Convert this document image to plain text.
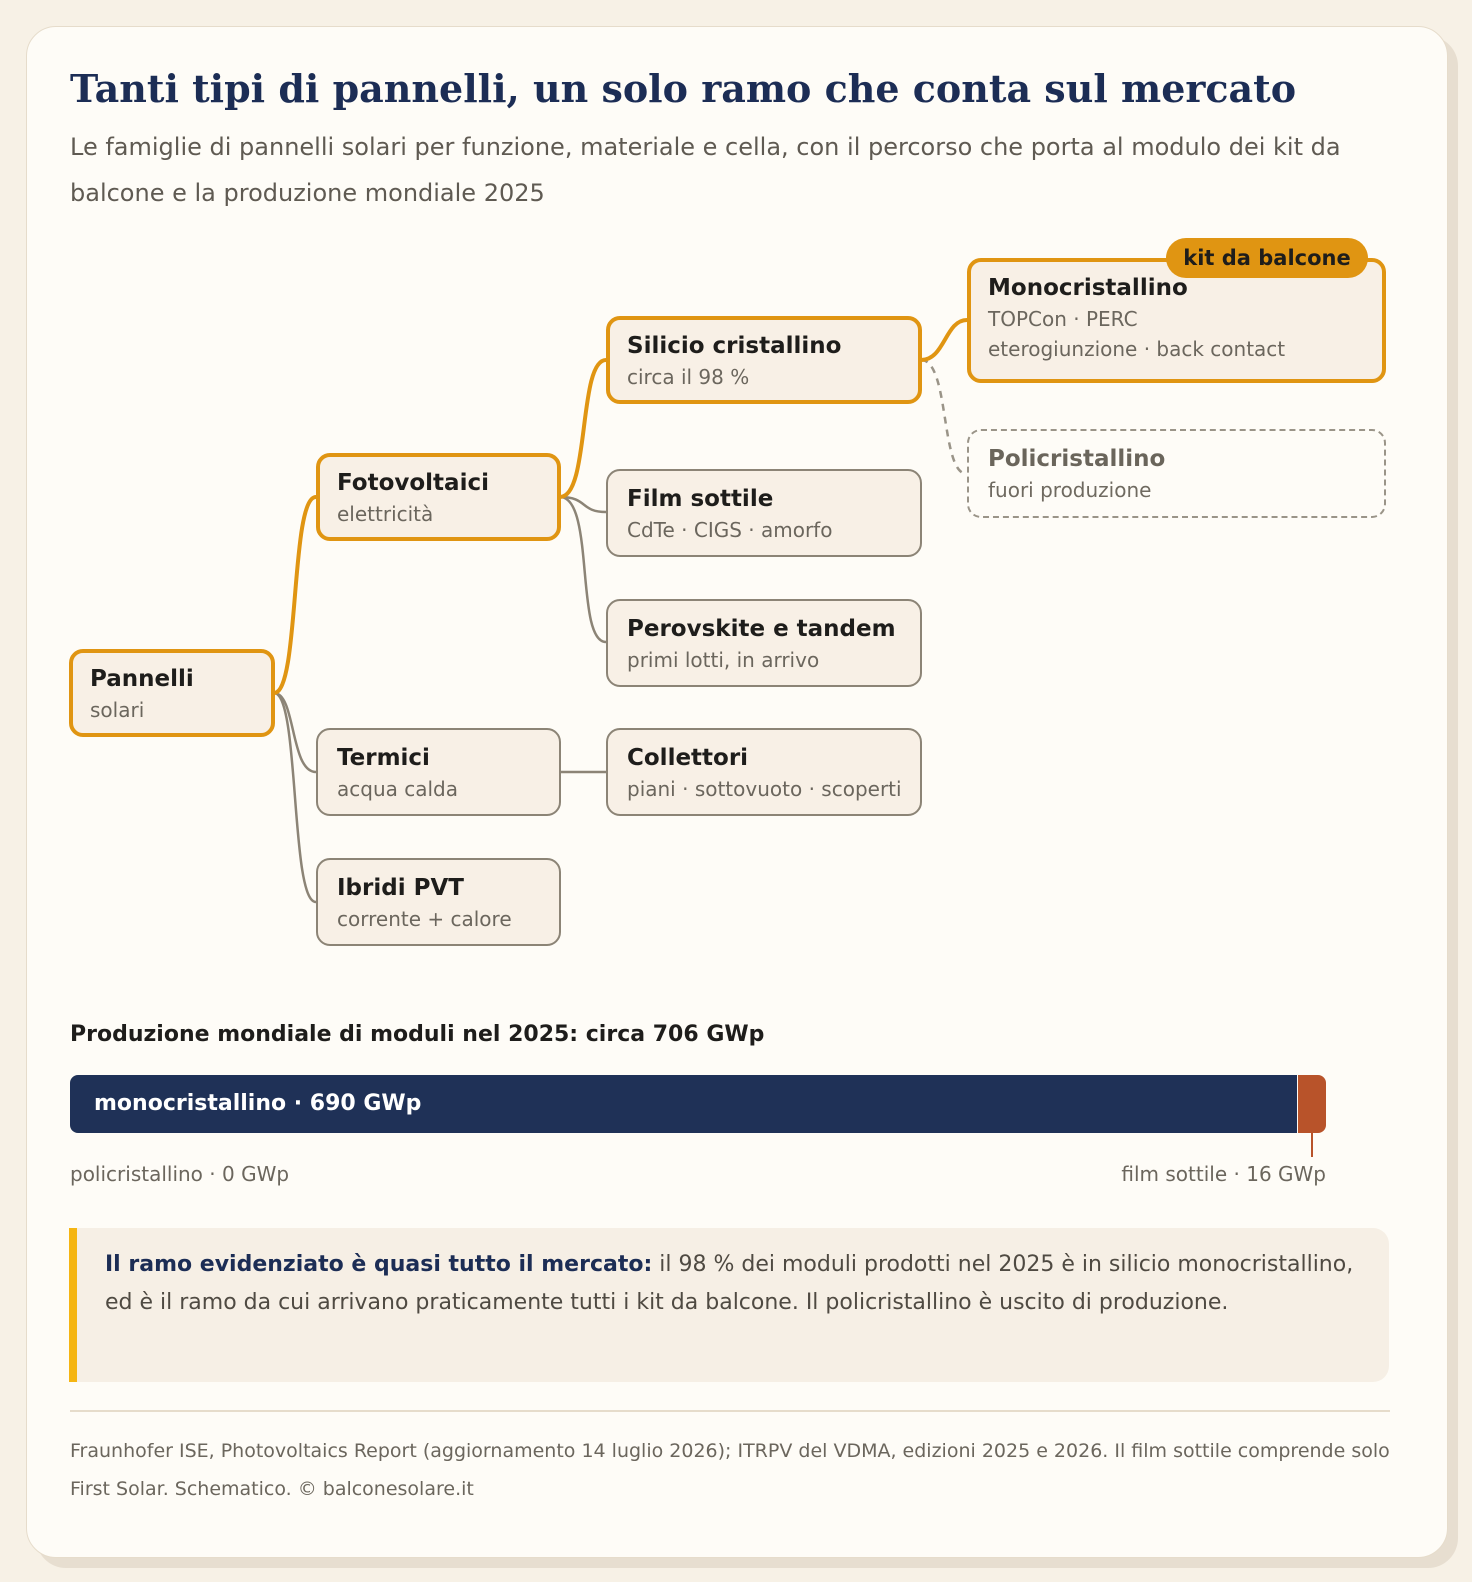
Tanti tipi di pannelli, un solo ramo che conta sul mercato

Le famiglie di pannelli solari per funzione, materiale e cella, con il percorso che porta al modulo dei kit da balcone e la produzione mondiale 2025

Pannelli
solari
Fotovoltaici
elettricità
Termici
acqua calda
Ibridi PVT
corrente + calore
Silicio cristallino
circa il 98 %
Film sottile
CdTe · CIGS · amorfo
Perovskite e tandem
primi lotti, in arrivo
Collettori
piani · sottovuoto · scoperti
Monocristallino
TOPCon · PERC
eterogiunzione · back contact
kit da balcone
Policristallino
fuori produzione
Produzione mondiale di moduli nel 2025: circa 706 GWp
monocristallino · 690 GWp
policristallino · 0 GWp	film sottile · 16 GWp
Il ramo evidenziato è quasi tutto il mercato: il 98 % dei moduli prodotti nel 2025 è in silicio monocristallino, ed è il ramo da cui arrivano praticamente tutti i kit da balcone. Il policristallino è uscito di produzione.

Fraunhofer ISE, Photovoltaics Report (aggiornamento 14 luglio 2026); ITRPV del VDMA, edizioni 2025 e 2026. Il film sottile comprende solo First Solar. Schematico. © balconesolare.it
